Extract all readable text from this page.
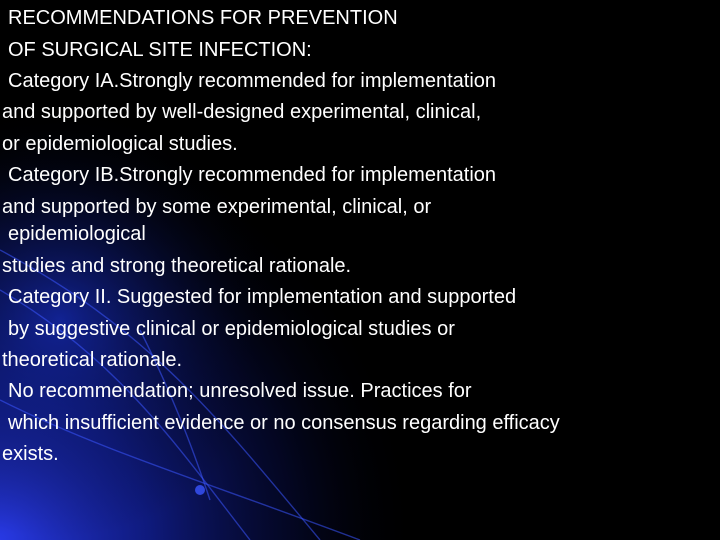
RECOMMENDATIONS FOR PREVENTION
OF SURGICAL SITE INFECTION:
Category IA.Strongly recommended for implementation
and supported by well-designed experimental, clinical,
or epidemiological studies.
Category IB.Strongly recommended for implementation
and supported by some experimental, clinical, or
epidemiological
studies and strong theoretical rationale.
Category II. Suggested for implementation and supported
by suggestive clinical or epidemiological studies or
theoretical rationale.
No recommendation; unresolved issue. Practices for
which insufficient evidence or no consensus regarding efficacy
exists.
